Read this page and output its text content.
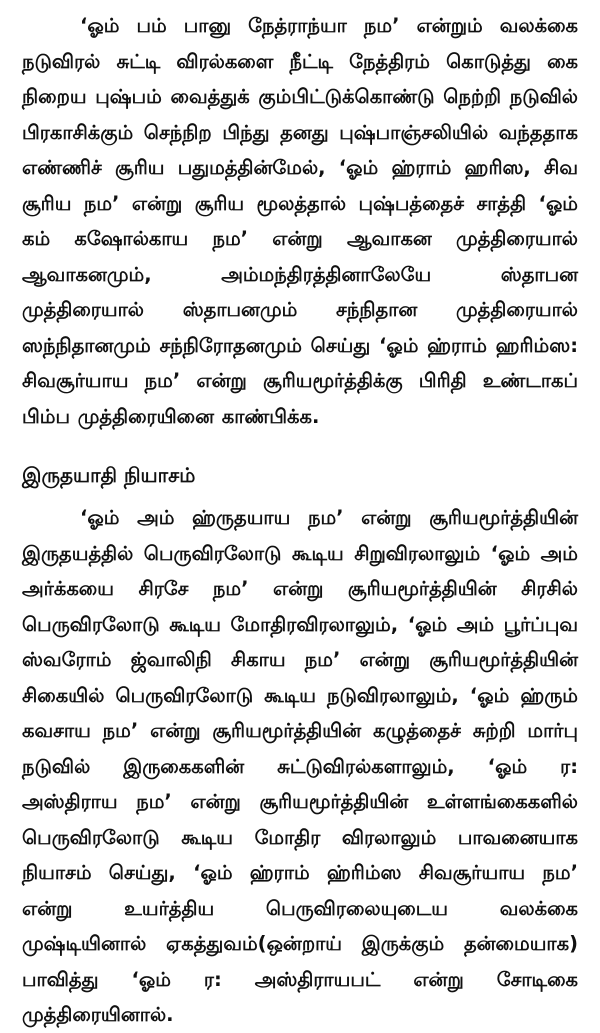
‘ஓம் பம் பானு நேத்ராந்யா நம’ என்றும் வலக்கை நடுவிரல் சுட்டி விரல்களை நீட்டி நேத்திரம் கொடுத்து கை நிறைய புஷ்பம் வைத்துக் கும்பிட்டுக்கொண்டு நெற்றி நடுவில் பிரகாசிக்கும் செந்நிற பிந்து தனது புஷ்பாஞ்சலியில் வந்ததாக எண்ணிச் சூரிய பதுமத்தின்மேல், ‘ஓம் ஹ்ராம் ஹரிஸ, சிவ சூரிய நம’ என்று சூரிய மூலத்தால் புஷ்பத்தைச் சாத்தி ‘ஓம் கம் கஷோல்காய நம’ என்று ஆவாகன முத்திரையால் ஆவாகனமும், அம்மந்திரத்தினாலேயே ஸ்தாபன முத்திரையால் ஸ்தாபனமும் சந்நிதான முத்திரையால் ஸந்நிதானமும் சந்நிரோதனமும் செய்து ‘ஓம் ஹ்ராம் ஹரிம்ஸ: சிவசூர்யாய நம’ என்று சூரியமூர்த்திக்கு பிரிதி உண்டாகப் பிம்ப முத்திரையினை காண்பிக்க.

இருதயாதி நியாசம்

‘ஓம் அம் ஹ்ருதயாய நம’ என்று சூரியமூர்த்தியின் இருதயத்தில் பெருவிரலோடு கூடிய சிறுவிரலாலும் ‘ஓம் அம் அர்க்கயை சிரசே நம’ என்று சூரியமூர்த்தியின் சிரசில் பெருவிரலோடு கூடிய மோதிரவிரலாலும், ‘ஓம் அம் பூர்ப்புவ ஸ்வரோம் ஜ்வாலிநி சிகாய நம’ என்று சூரியமூர்த்தியின் சிகையில் பெருவிரலோடு கூடிய நடுவிரலாலும், ‘ஓம் ஹ்ரும் கவசாய நம’ என்று சூரியமூர்த்தியின் கழுத்தைச் சுற்றி மார்பு நடுவில் இருகைகளின் சுட்டுவிரல்களாலும், ‘ஓம் ர: அஸ்திராய நம’ என்று சூரியமூர்த்தியின் உள்ளங்கைகளில் பெருவிரலோடு கூடிய மோதிர விரலாலும் பாவனையாக நியாசம் செய்து, ‘ஓம் ஹ்ராம் ஹ்ரிம்ஸ சிவசூர்யாய நம’ என்று உயர்த்திய பெருவிரலையுடைய வலக்கை முஷ்டியினால் ஏகத்துவம்(ஒன்றாய் இருக்கும் தன்மையாக) பாவித்து ‘ஓம் ர: அஸ்திராயபட் என்று சோடிகை முத்திரையினால்.
